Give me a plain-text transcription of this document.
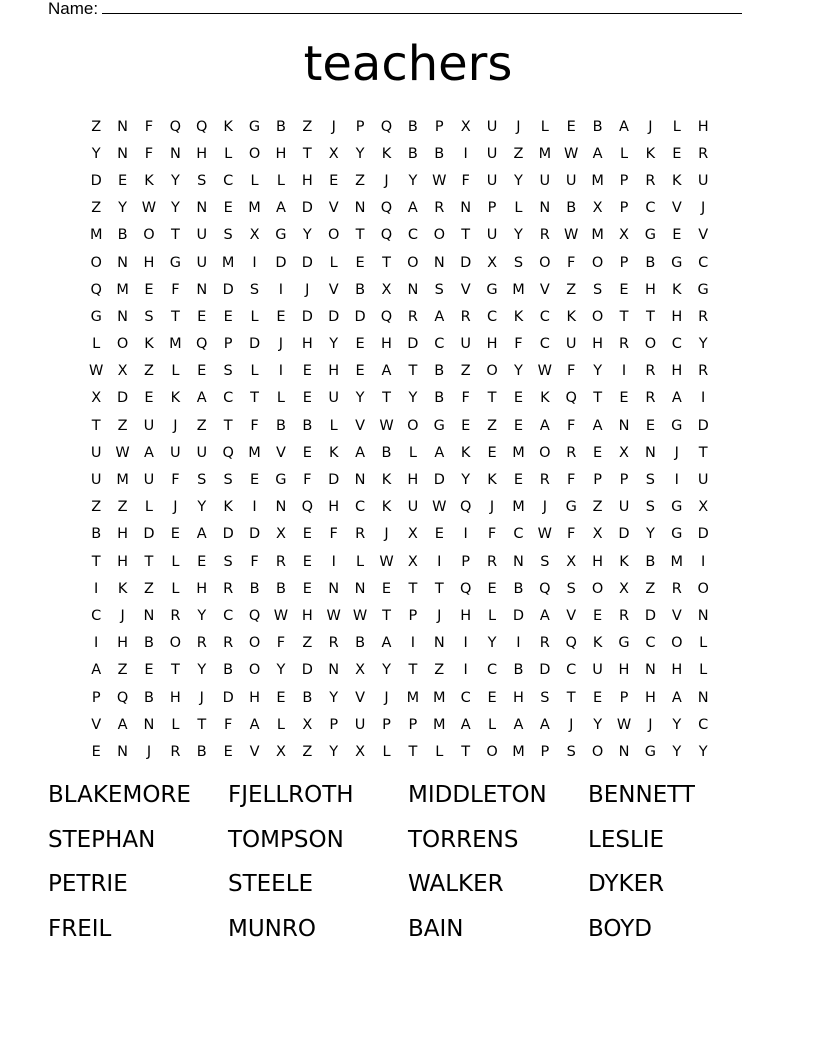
Name:
teachers
Z	N	F	Q	Q	K	G	B	Z	J	P	Q	B	P	X	U	J	L	E	B	A	J	L	H
Y	N	F	N	H	L	O	H	T	X	Y	K	B	B	I	U	Z	M	W	A	L	K	E	R
D	E	K	Y	S	C	L	L	H	E	Z	J	Y	W	F	U	Y	U	U	M	P	R	K	U
Z	Y	W	Y	N	E	M	A	D	V	N	Q	A	R	N	P	L	N	B	X	P	C	V	J
M	B	O	T	U	S	X	G	Y	O	T	Q	C	O	T	U	Y	R	W	M	X	G	E	V
O	N	H	G	U	M	I	D	D	L	E	T	O	N	D	X	S	O	F	O	P	B	G	C
Q	M	E	F	N	D	S	I	J	V	B	X	N	S	V	G	M	V	Z	S	E	H	K	G
G	N	S	T	E	E	L	E	D	D	D	Q	R	A	R	C	K	C	K	O	T	T	H	R
L	O	K	M	Q	P	D	J	H	Y	E	H	D	C	U	H	F	C	U	H	R	O	C	Y
W	X	Z	L	E	S	L	I	E	H	E	A	T	B	Z	O	Y	W	F	Y	I	R	H	R
X	D	E	K	A	C	T	L	E	U	Y	T	Y	B	F	T	E	K	Q	T	E	R	A	I
T	Z	U	J	Z	T	F	B	B	L	V	W	O	G	E	Z	E	A	F	A	N	E	G	D
U	W	A	U	U	Q	M	V	E	K	A	B	L	A	K	E	M	O	R	E	X	N	J	T
U	M	U	F	S	S	E	G	F	D	N	K	H	D	Y	K	E	R	F	P	P	S	I	U
Z	Z	L	J	Y	K	I	N	Q	H	C	K	U	W	Q	J	M	J	G	Z	U	S	G	X
B	H	D	E	A	D	D	X	E	F	R	J	X	E	I	F	C	W	F	X	D	Y	G	D
T	H	T	L	E	S	F	R	E	I	L	W	X	I	P	R	N	S	X	H	K	B	M	I
I	K	Z	L	H	R	B	B	E	N	N	E	T	T	Q	E	B	Q	S	O	X	Z	R	O
C	J	N	R	Y	C	Q	W	H	W	W	T	P	J	H	L	D	A	V	E	R	D	V	N
I	H	B	O	R	R	O	F	Z	R	B	A	I	N	I	Y	I	R	Q	K	G	C	O	L
A	Z	E	T	Y	B	O	Y	D	N	X	Y	T	Z	I	C	B	D	C	U	H	N	H	L
P	Q	B	H	J	D	H	E	B	Y	V	J	M	M	C	E	H	S	T	E	P	H	A	N
V	A	N	L	T	F	A	L	X	P	U	P	P	M	A	L	A	A	J	Y	W	J	Y	C
E	N	J	R	B	E	V	X	Z	Y	X	L	T	L	T	O	M	P	S	O	N	G	Y	Y
BLAKEMORE	FJELLROTH	MIDDLETON	BENNETT
STEPHAN	TOMPSON	TORRENS	LESLIE
PETRIE	STEELE	WALKER	DYKER
FREIL	MUNRO	BAIN	BOYD
